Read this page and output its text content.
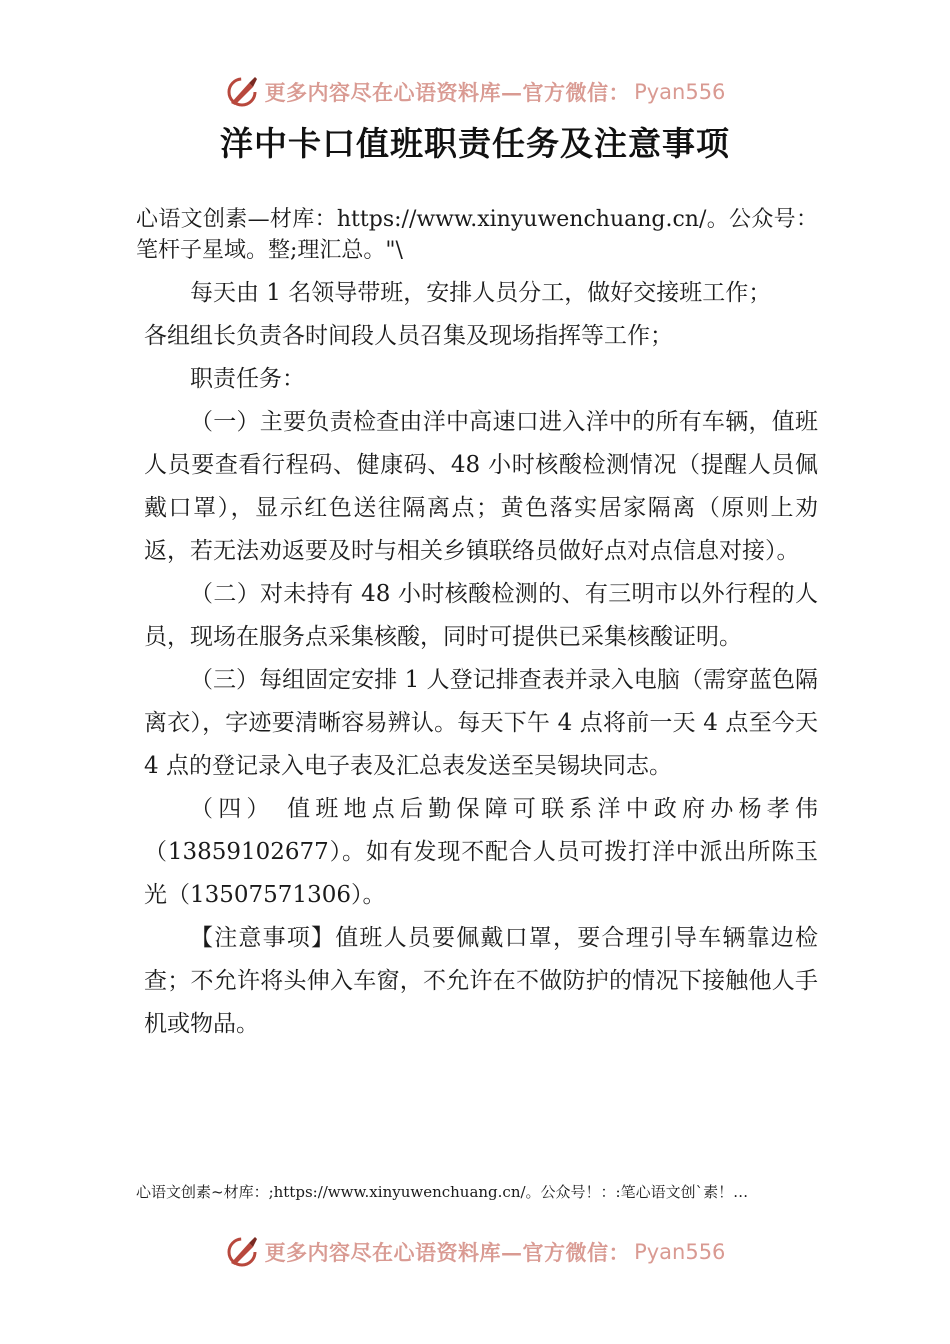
更多内容尽在心语资料库—官方微信： Pyan556
洋中卡口值班职责任务及注意事项

心语文创素—材库：https://www.xinyuwenchuang.cn/。公众号：笔杆子星域。整;理汇总。"\

每天由 1 名领导带班，安排人员分工，做好交接班工作；

各组组长负责各时间段人员召集及现场指挥等工作；

职责任务：

（一）主要负责检查由洋中高速口进入洋中的所有车辆，值班人员要查看行程码、健康码、48 小时核酸检测情况（提醒人员佩戴口罩），显示红色送往隔离点；黄色落实居家隔离（原则上劝返，若无法劝返要及时与相关乡镇联络员做好点对点信息对接）。

（二）对未持有 48 小时核酸检测的、有三明市以外行程的人员，现场在服务点采集核酸，同时可提供已采集核酸证明。

（三）每组固定安排 1 人登记排查表并录入电脑（需穿蓝色隔离衣），字迹要清晰容易辨认。每天下午 4 点将前一天 4 点至今天 4 点的登记录入电子表及汇总表发送至吴锡块同志。

（四） 值班地点后勤保障可联系洋中政府办杨孝伟（13859102677）。如有发现不配合人员可拨打洋中派出所陈玉光（13507571306）。

【注意事项】值班人员要佩戴口罩，要合理引导车辆靠边检查；不允许将头伸入车窗，不允许在不做防护的情况下接触他人手机或物品。

心语文创素~材库：;https://www.xinyuwenchuang.cn/。公众号！：:笔心语文创`素！…
更多内容尽在心语资料库—官方微信： Pyan556
